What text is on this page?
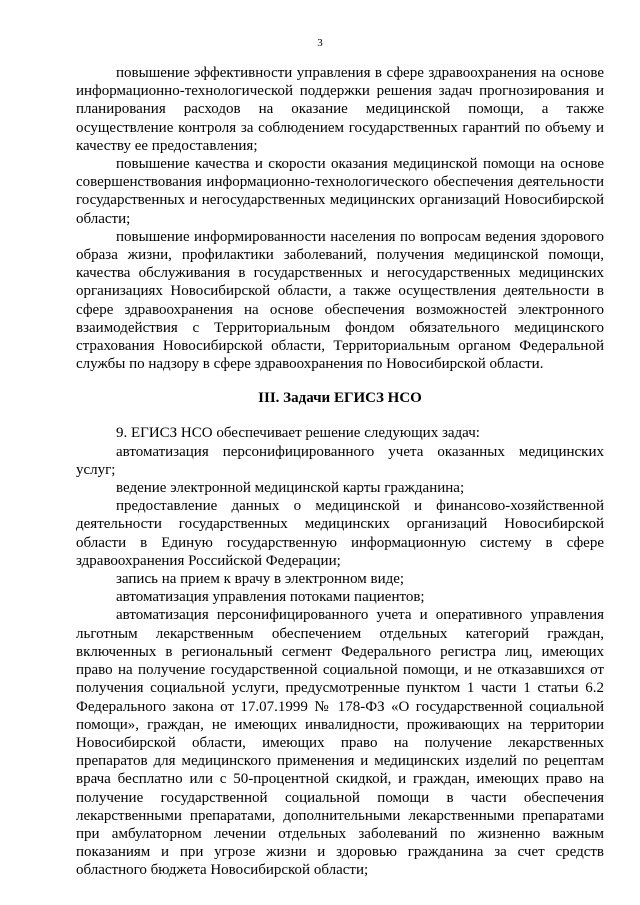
3

повышение эффективности управления в сфере здравоохранения на основе информационно-технологической поддержки решения задач прогнозирования и планирования расходов на оказание медицинской помощи, а также осуществление контроля за соблюдением государственных гарантий по объему и качеству ее предоставления;

повышение качества и скорости оказания медицинской помощи на основе совершенствования информационно-технологического обеспечения деятельности государственных и негосударственных медицинских организаций Новосибирской области;

повышение информированности населения по вопросам ведения здорового образа жизни, профилактики заболеваний, получения медицинской помощи, качества обслуживания в государственных и негосударственных медицинских организациях Новосибирской области, а также осуществления деятельности в сфере здравоохранения на основе обеспечения возможностей электронного взаимодействия с Территориальным фондом обязательного медицинского страхования Новосибирской области, Территориальным органом Федеральной службы по надзору в сфере здравоохранения по Новосибирской области.

III. Задачи ЕГИСЗ НСО

9. ЕГИСЗ НСО обеспечивает решение следующих задач:

автоматизация персонифицированного учета оказанных медицинских услуг;

ведение электронной медицинской карты гражданина;

предоставление данных о медицинской и финансово-хозяйственной деятельности государственных медицинских организаций Новосибирской области в Единую государственную информационную систему в сфере здравоохранения Российской Федерации;

запись на прием к врачу в электронном виде;

автоматизация управления потоками пациентов;

автоматизация персонифицированного учета и оперативного управления льготным лекарственным обеспечением отдельных категорий граждан, включенных в региональный сегмент Федерального регистра лиц, имеющих право на получение государственной социальной помощи, и не отказавшихся от получения социальной услуги, предусмотренные пунктом 1 части 1 статьи 6.2 Федерального закона от 17.07.1999 № 178-ФЗ «О государственной социальной помощи», граждан, не имеющих инвалидности, проживающих на территории Новосибирской области, имеющих право на получение лекарственных препаратов для медицинского применения и медицинских изделий по рецептам врача бесплатно или с 50-процентной скидкой, и граждан, имеющих право на получение государственной социальной помощи в части обеспечения лекарственными препаратами, дополнительными лекарственными препаратами при амбулаторном лечении отдельных заболеваний по жизненно важным показаниям и при угрозе жизни и здоровью гражданина за счет средств областного бюджета Новосибирской области;
